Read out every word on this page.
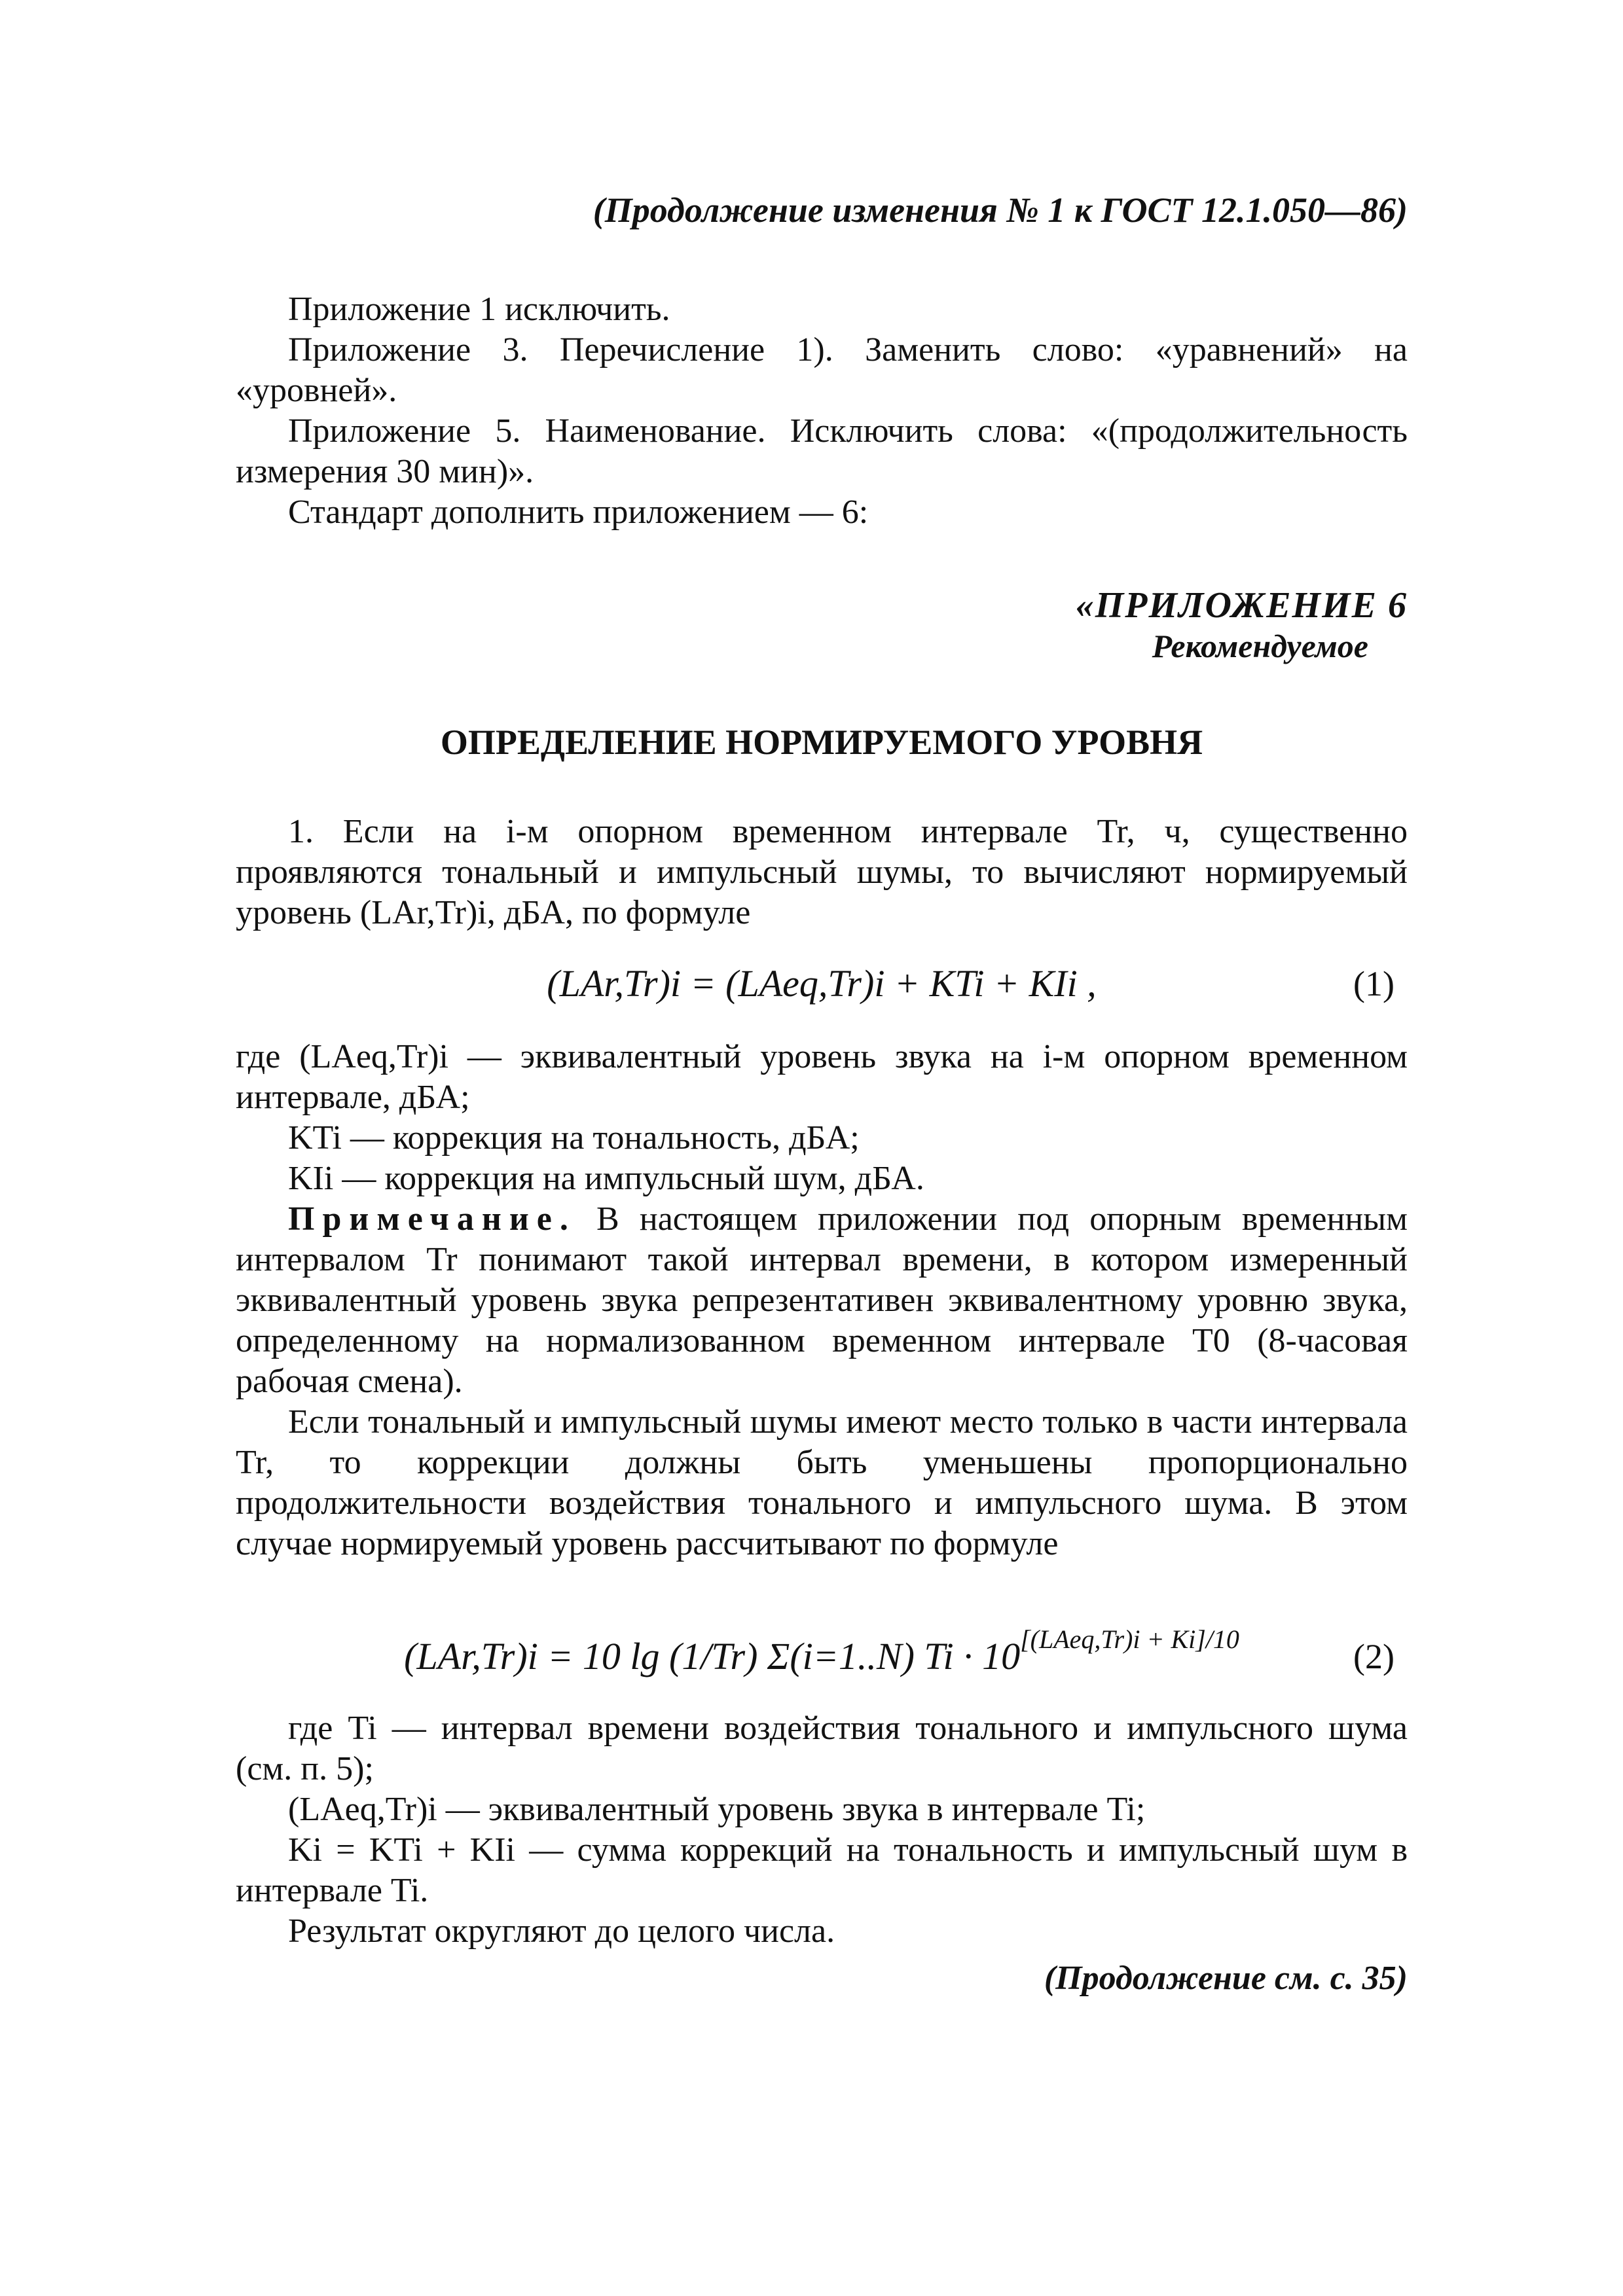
(Продолжение изменения № 1 к ГОСТ 12.1.050—86)

Приложение 1 исключить.

Приложение 3. Перечисление 1). Заменить слово: «уравнений» на «уровней».

Приложение 5. Наименование. Исключить слова: «(продолжительность измерения 30 мин)».

Стандарт дополнить приложением — 6:

«ПРИЛОЖЕНИЕ 6
Рекомендуемое
ОПРЕДЕЛЕНИЕ НОРМИРУЕМОГО УРОВНЯ

1. Если на i-м опорном временном интервале Tr, ч, существенно проявляются тональный и импульсный шумы, то вычисляют нормируемый уровень (LAr,Tr)i, дБА, по формуле

(LAr,Tr)i = (LAeq,Tr)i + KTi + KIi ,	(1)

где (LAeq,Tr)i — эквивалентный уровень звука на i-м опорном временном интервале, дБА;

KTi — коррекция на тональность, дБА;

KIi — коррекция на импульсный шум, дБА.

Примечание. В настоящем приложении под опорным временным интервалом Tr понимают такой интервал времени, в котором измеренный эквивалентный уровень звука репрезентативен эквивалентному уровню звука, определенному на нормализованном временном интервале T0 (8-часовая рабочая смена).

Если тональный и импульсный шумы имеют место только в части интервала Tr, то коррекции должны быть уменьшены пропорционально продолжительности воздействия тонального и импульсного шума. В этом случае нормируемый уровень рассчитывают по формуле

(LAr,Tr)i = 10 lg (1/Tr) Σ(i=1..N) $Ti \cdot 10^{[(LAeq,Tr)i + Ki]/10}$	(2)

где Ti — интервал времени воздействия тонального и импульсного шума (см. п. 5);

(LAeq,Tr)i — эквивалентный уровень звука в интервале Ti;

Ki = KTi + KIi — сумма коррекций на тональность и импульсный шум в интервале Ti.

Результат округляют до целого числа.

(Продолжение см. с. 35)
